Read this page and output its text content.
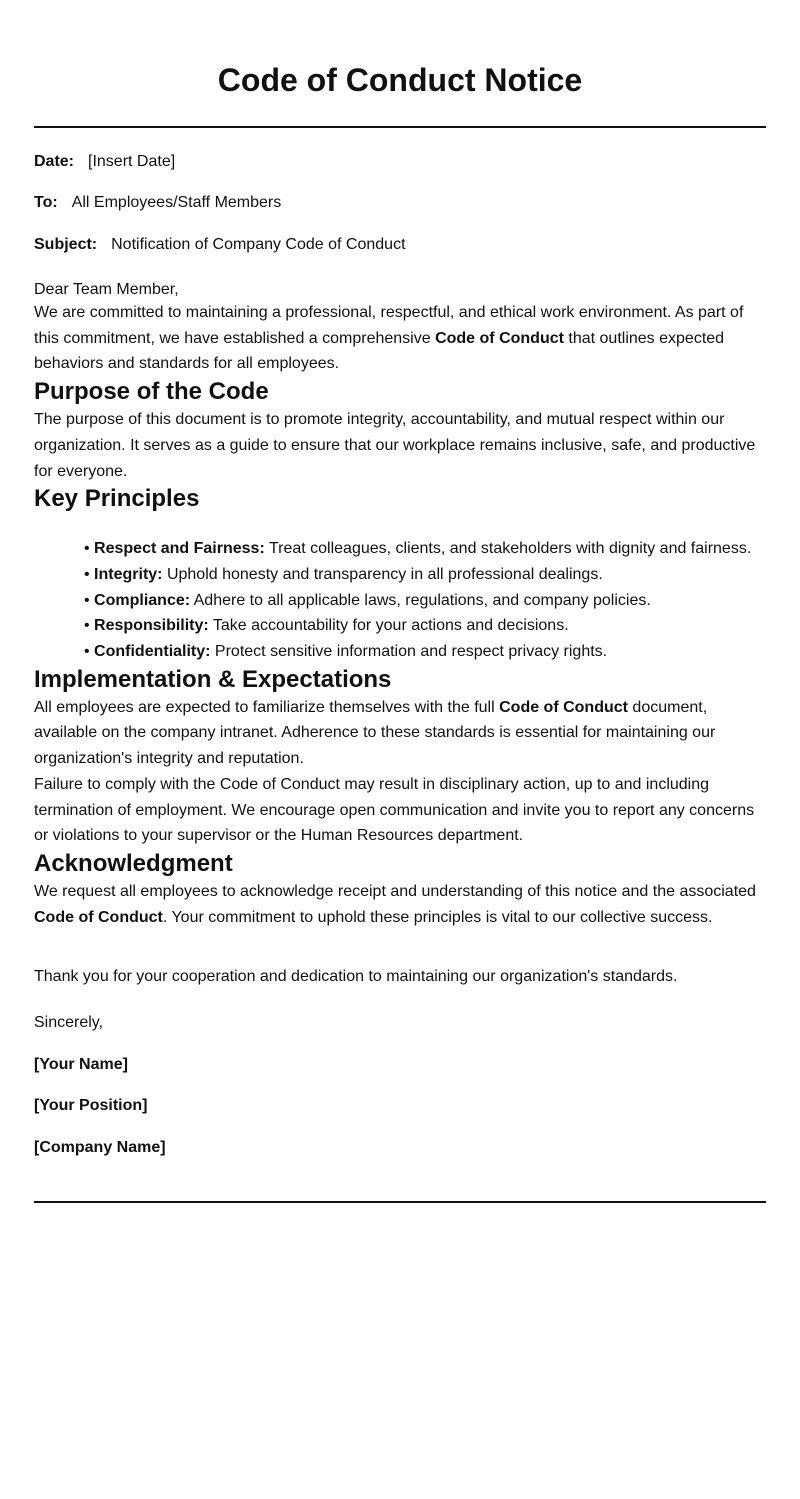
Code of Conduct Notice
Date: [Insert Date]
To: All Employees/Staff Members
Subject: Notification of Company Code of Conduct

Dear Team Member,

We are committed to maintaining a professional, respectful, and ethical work environment. As part of this commitment, we have established a comprehensive Code of Conduct that outlines expected behaviors and standards for all employees.

Purpose of the Code

The purpose of this document is to promote integrity, accountability, and mutual respect within our organization. It serves as a guide to ensure that our workplace remains inclusive, safe, and productive for everyone.

Key Principles
• Respect and Fairness: Treat colleagues, clients, and stakeholders with dignity and fairness.
• Integrity: Uphold honesty and transparency in all professional dealings.
• Compliance: Adhere to all applicable laws, regulations, and company policies.
• Responsibility: Take accountability for your actions and decisions.
• Confidentiality: Protect sensitive information and respect privacy rights.
Implementation & Expectations

All employees are expected to familiarize themselves with the full Code of Conduct document, available on the company intranet. Adherence to these standards is essential for maintaining our organization's integrity and reputation.

Failure to comply with the Code of Conduct may result in disciplinary action, up to and including termination of employment. We encourage open communication and invite you to report any concerns or violations to your supervisor or the Human Resources department.

Acknowledgment

We request all employees to acknowledge receipt and understanding of this notice and the associated Code of Conduct. Your commitment to uphold these principles is vital to our collective success.

Thank you for your cooperation and dedication to maintaining our organization's standards.

Sincerely,

[Your Name]

[Your Position]

[Company Name]
